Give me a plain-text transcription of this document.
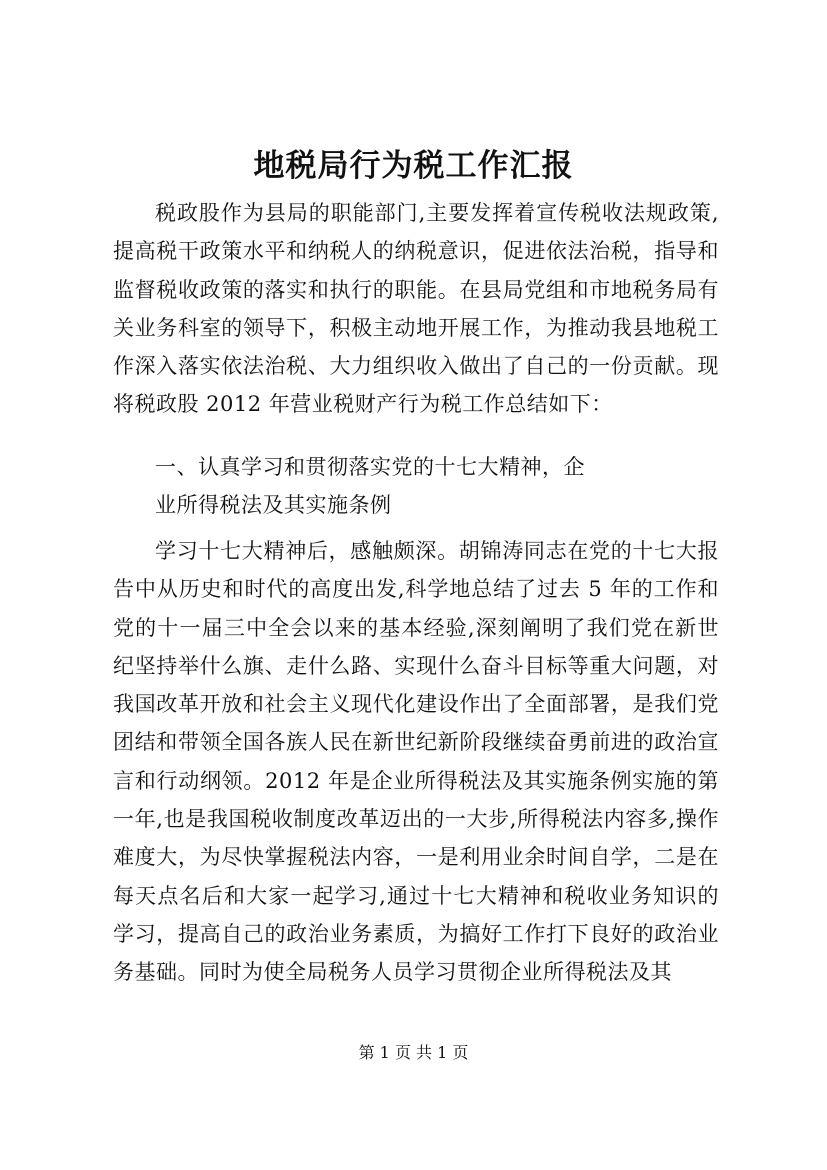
地税局行为税工作汇报

税政股作为县局的职能部门,主要发挥着宣传税收法规政策,提高税干政策水平和纳税人的纳税意识，促进依法治税，指导和监督税收政策的落实和执行的职能。在县局党组和市地税务局有关业务科室的领导下，积极主动地开展工作，为推动我县地税工作深入落实依法治税、大力组织收入做出了自己的一份贡献。现将税政股 2012 年营业税财产行为税工作总结如下：

一、认真学习和贯彻落实党的十七大精神，企

业所得税法及其实施条例

学习十七大精神后，感触颇深。胡锦涛同志在党的十七大报告中从历史和时代的高度出发,科学地总结了过去 5 年的工作和党的十一届三中全会以来的基本经验,深刻阐明了我们党在新世纪坚持举什么旗、走什么路、实现什么奋斗目标等重大问题，对我国改革开放和社会主义现代化建设作出了全面部署，是我们党团结和带领全国各族人民在新世纪新阶段继续奋勇前进的政治宣言和行动纲领。2012 年是企业所得税法及其实施条例实施的第一年,也是我国税收制度改革迈出的一大步,所得税法内容多,操作难度大，为尽快掌握税法内容，一是利用业余时间自学，二是在每天点名后和大家一起学习,通过十七大精神和税收业务知识的学习，提高自己的政治业务素质，为搞好工作打下良好的政治业务基础。同时为使全局税务人员学习贯彻企业所得税法及其

第 1 页 共 1 页
